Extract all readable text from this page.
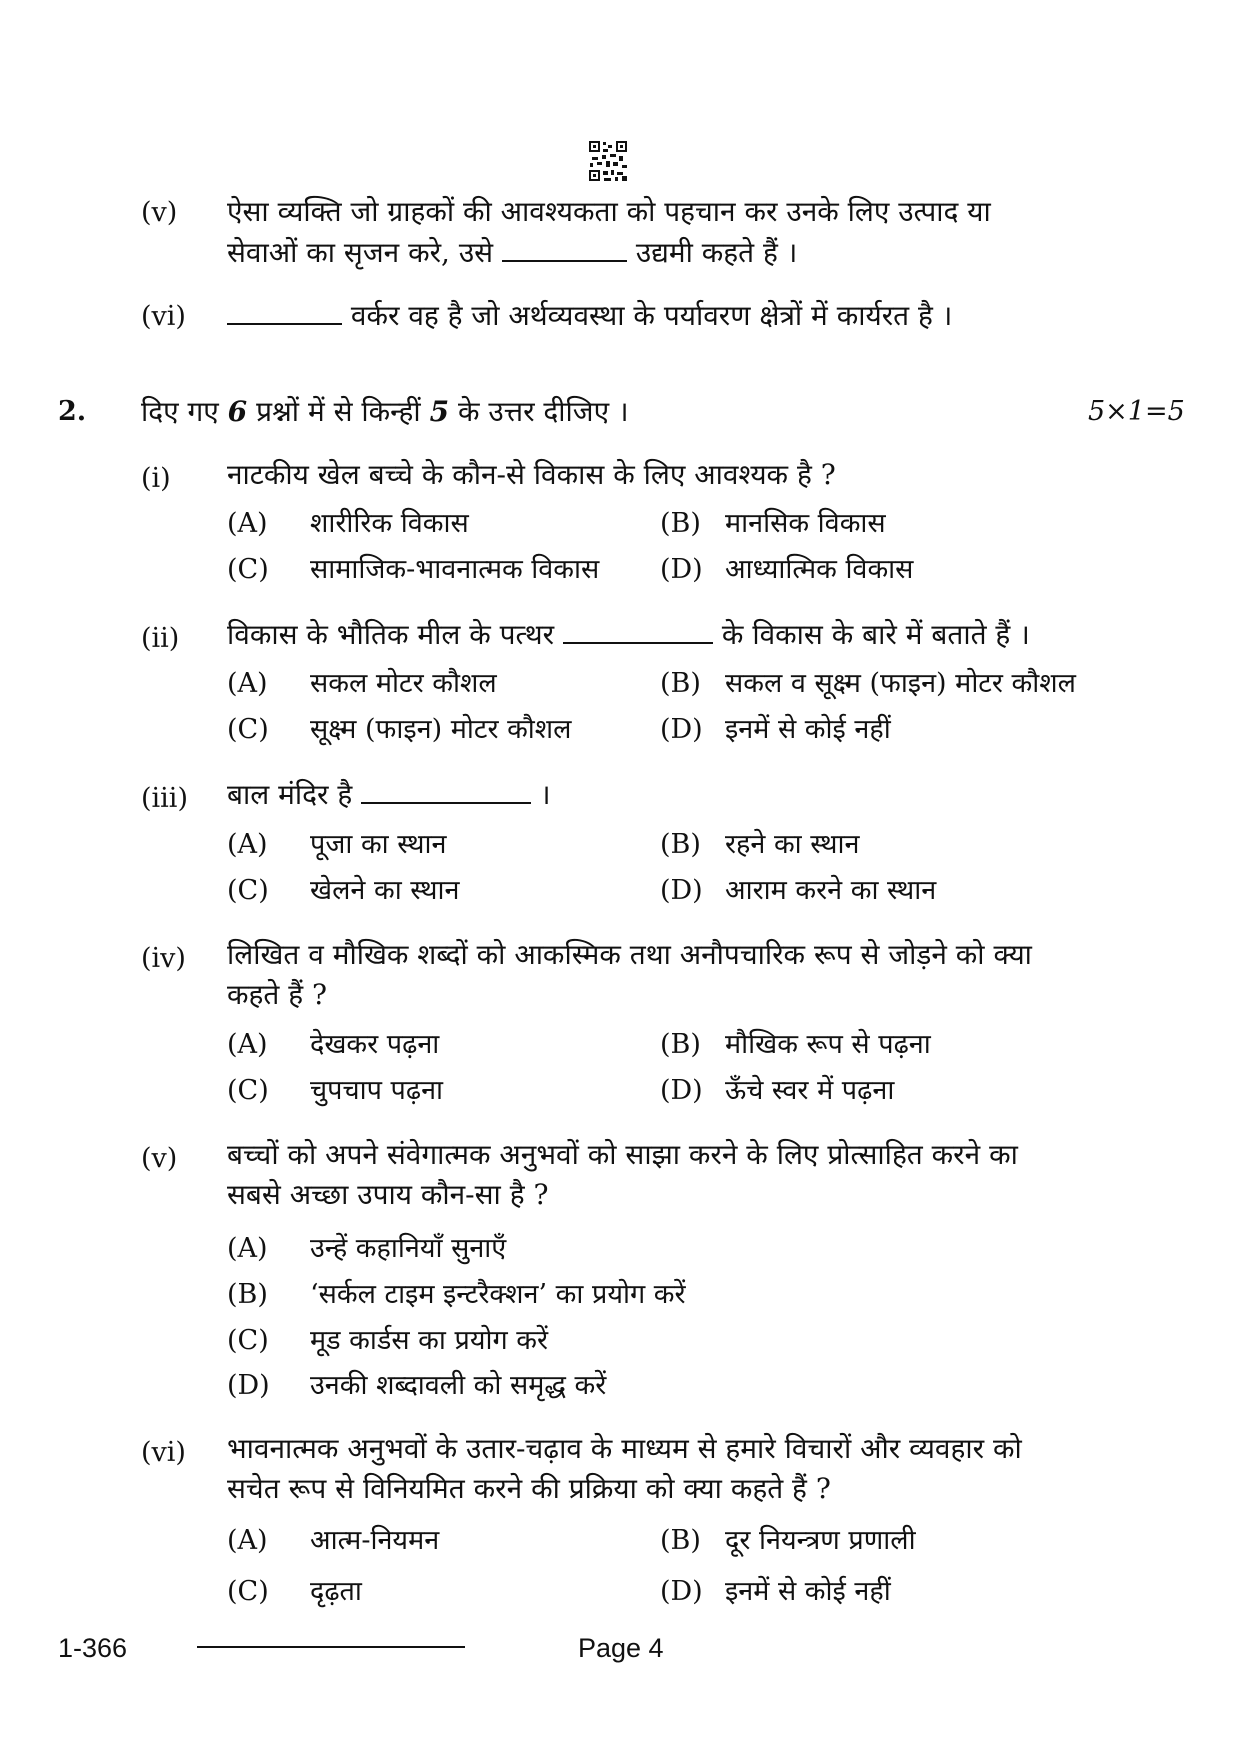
(v) ऐसा व्यक्ति जो ग्राहकों की आवश्यकता को पहचान कर उनके लिए उत्पाद या
सेवाओं का सृजन करे, उसे	उद्यमी कहते हैं ।
(vi)	वर्कर वह है जो अर्थव्यवस्था के पर्यावरण क्षेत्रों में कार्यरत है ।
2. दिए गए 6 प्रश्नों में से किन्हीं 5 के उत्तर दीजिए ।	5×1=5
(i) नाटकीय खेल बच्चे के कौन-से विकास के लिए आवश्यक है ?
(A) शारीरिक विकास	(B) मानसिक विकास
(C) सामाजिक-भावनात्मक विकास (D) आध्यात्मिक विकास
(ii) विकास के भौतिक मील के पत्थर	के विकास के बारे में बताते हैं ।
(A) सकल मोटर कौशल	(B) सकल व सूक्ष्म (फाइन) मोटर कौशल
(C) सूक्ष्म (फाइन) मोटर कौशल	(D) इनमें से कोई नहीं
(iii) बाल मंदिर है	।
(A) पूजा का स्थान	(B) रहने का स्थान
(C) खेलने का स्थान	(D) आराम करने का स्थान
(iv) लिखित व मौखिक शब्दों को आकस्मिक तथा अनौपचारिक रूप से जोड़ने को क्या
कहते हैं ?
(A) देखकर पढ़ना	(B) मौखिक रूप से पढ़ना
(C) चुपचाप पढ़ना	(D) ऊँचे स्वर में पढ़ना
(v) बच्चों को अपने संवेगात्मक अनुभवों को साझा करने के लिए प्रोत्साहित करने का
सबसे अच्छा उपाय कौन-सा है ?
(A) उन्हें कहानियाँ सुनाएँ
(B) ‘सर्कल टाइम इन्टरैक्शन’ का प्रयोग करें
(C) मूड कार्डस का प्रयोग करें
(D) उनकी शब्दावली को समृद्ध करें
(vi) भावनात्मक अनुभवों के उतार-चढ़ाव के माध्यम से हमारे विचारों और व्यवहार को
सचेत रूप से विनियमित करने की प्रक्रिया को क्या कहते हैं ?
(A) आत्म-नियमन	(B) दूर नियन्त्रण प्रणाली
(C) दृढ़ता	(D) इनमें से कोई नहीं
1-366	Page 4
